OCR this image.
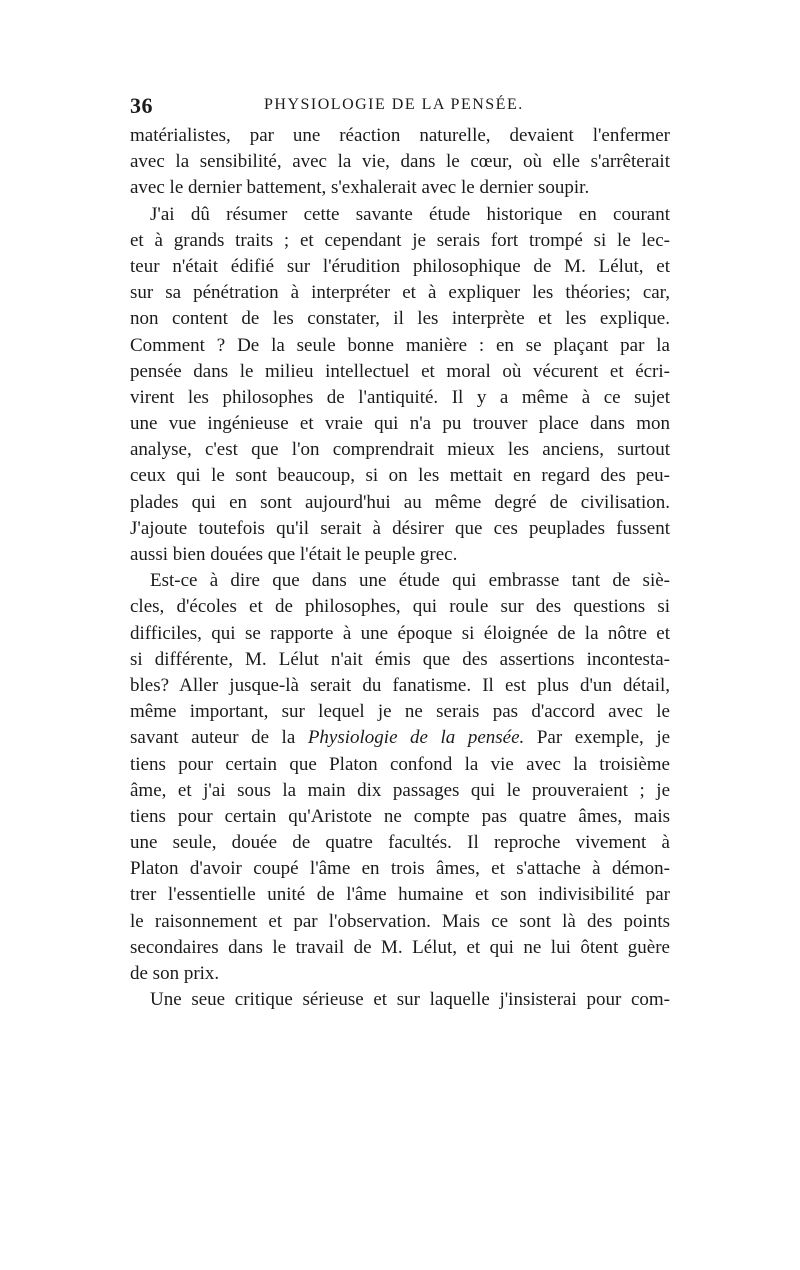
36	PHYSIOLOGIE DE LA PENSÉE.
matérialistes, par une réaction naturelle, devaient l'enfermer
avec la sensibilité, avec la vie, dans le cœur, où elle s'arrêterait
avec le dernier battement, s'exhalerait avec le dernier soupir.
J'ai dû résumer cette savante étude historique en courant
et à grands traits ; et cependant je serais fort trompé si le lec-
teur n'était édifié sur l'érudition philosophique de M. Lélut, et
sur sa pénétration à interpréter et à expliquer les théories; car,
non content de les constater, il les interprète et les explique.
Comment ? De la seule bonne manière : en se plaçant par la
pensée dans le milieu intellectuel et moral où vécurent et écri-
virent les philosophes de l'antiquité. Il y a même à ce sujet
une vue ingénieuse et vraie qui n'a pu trouver place dans mon
analyse, c'est que l'on comprendrait mieux les anciens, surtout
ceux qui le sont beaucoup, si on les mettait en regard des peu-
plades qui en sont aujourd'hui au même degré de civilisation.
J'ajoute toutefois qu'il serait à désirer que ces peuplades fussent
aussi bien douées que l'était le peuple grec.
Est-ce à dire que dans une étude qui embrasse tant de siè-
cles, d'écoles et de philosophes, qui roule sur des questions si
difficiles, qui se rapporte à une époque si éloignée de la nôtre et
si différente, M. Lélut n'ait émis que des assertions incontesta-
bles? Aller jusque-là serait du fanatisme. Il est plus d'un détail,
même important, sur lequel je ne serais pas d'accord avec le
savant auteur de la Physiologie de la pensée. Par exemple, je
tiens pour certain que Platon confond la vie avec la troisième
âme, et j'ai sous la main dix passages qui le prouveraient ; je
tiens pour certain qu'Aristote ne compte pas quatre âmes, mais
une seule, douée de quatre facultés. Il reproche vivement à
Platon d'avoir coupé l'âme en trois âmes, et s'attache à démon-
trer l'essentielle unité de l'âme humaine et son indivisibilité par
le raisonnement et par l'observation. Mais ce sont là des points
secondaires dans le travail de M. Lélut, et qui ne lui ôtent guère
de son prix.
Une seue critique sérieuse et sur laquelle j'insisterai pour com-
